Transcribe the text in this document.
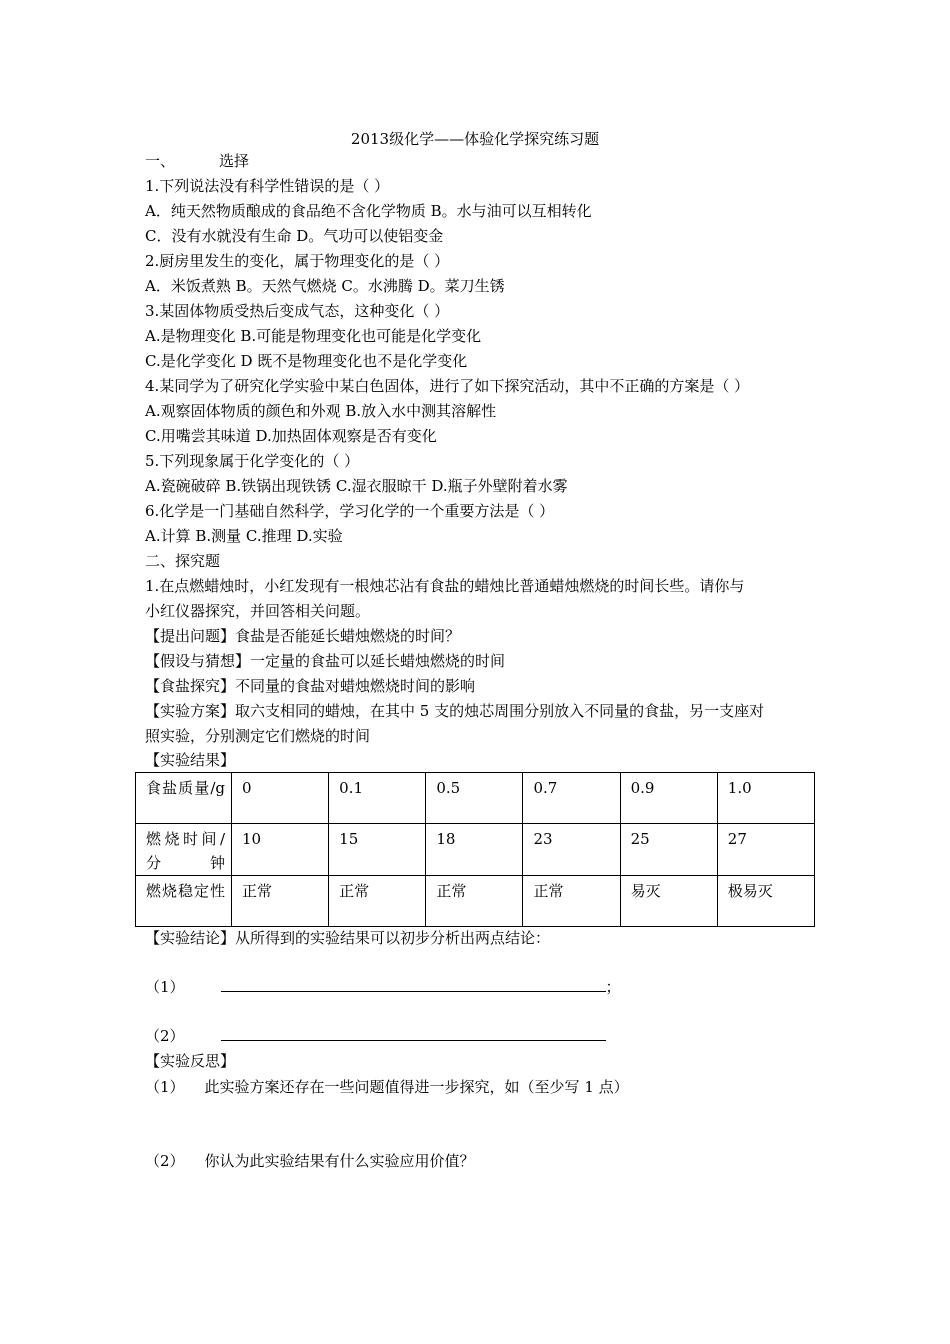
2013级化学——体验化学探究练习题
一、	选择
1.下列说法没有科学性错误的是（ ）
A．纯天然物质酿成的食品绝不含化学物质 B。水与油可以互相转化
C．没有水就没有生命 D。气功可以使铝变金
2.厨房里发生的变化，属于物理变化的是（ ）
A．米饭煮熟 B。天然气燃烧 C。水沸腾 D。菜刀生锈
3.某固体物质受热后变成气态，这种变化（ ）
A.是物理变化 B.可能是物理变化也可能是化学变化
C.是化学变化 D 既不是物理变化也不是化学变化
4.某同学为了研究化学实验中某白色固体，进行了如下探究活动，其中不正确的方案是（ ）
A.观察固体物质的颜色和外观 B.放入水中测其溶解性
C.用嘴尝其味道 D.加热固体观察是否有变化
5.下列现象属于化学变化的（ ）
A.瓷碗破碎 B.铁锅出现铁锈 C.湿衣服晾干 D.瓶子外壁附着水雾
6.化学是一门基础自然科学，学习化学的一个重要方法是（ ）
A.计算 B.测量 C.推理 D.实验
二、探究题
1.在点燃蜡烛时，小红发现有一根烛芯沾有食盐的蜡烛比普通蜡烛燃烧的时间长些。请你与
小红仪器探究，并回答相关问题。
【提出问题】食盐是否能延长蜡烛燃烧的时间？
【假设与猜想】一定量的食盐可以延长蜡烛燃烧的时间
【食盐探究】不同量的食盐对蜡烛燃烧时间的影响
【实验方案】取六支相同的蜡烛，在其中 5 支的烛芯周围分别放入不同量的食盐，另一支座对
照实验，分别测定它们燃烧的时间
【实验结果】
食盐质量/g	0	0.1	0.5	0.7	0.9	1.0
燃烧时间/分钟	10	15	18	23	25	27
燃烧稳定性	正常	正常	正常	正常	易灭	极易灭
【实验结论】从所得到的实验结果可以初步分析出两点结论：
（1）	；
（2）
【实验反思】
（1） 此实验方案还存在一些问题值得进一步探究，如（至少写 1 点）
（2） 你认为此实验结果有什么实验应用价值？
